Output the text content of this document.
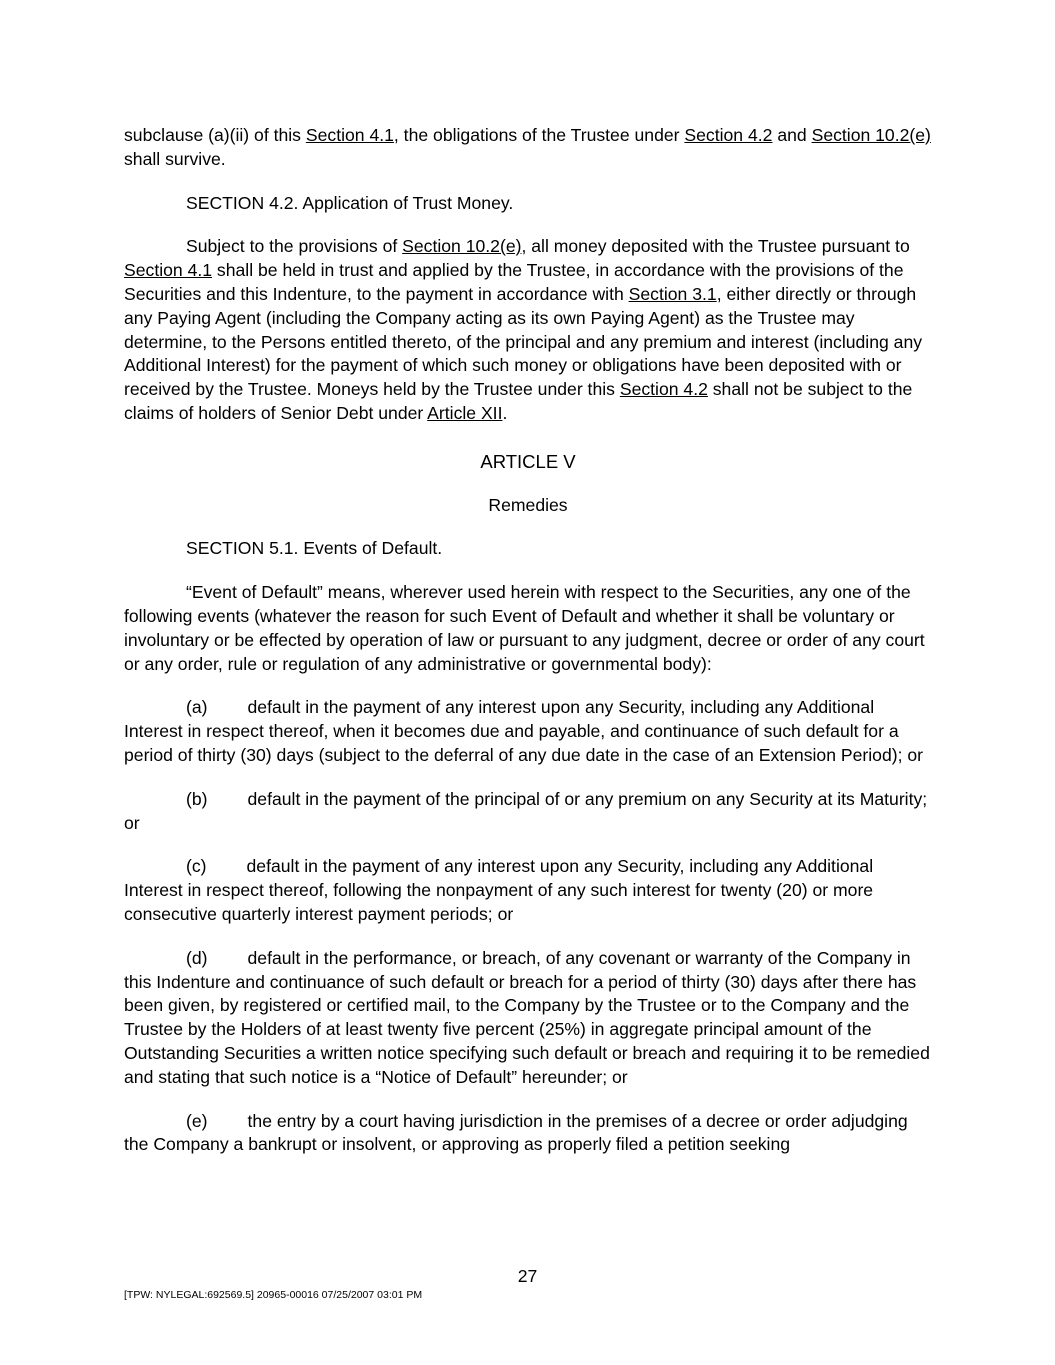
subclause (a)(ii) of this Section 4.1, the obligations of the Trustee under Section 4.2 and Section 10.2(e) shall survive.

SECTION 4.2. Application of Trust Money.

Subject to the provisions of Section 10.2(e), all money deposited with the Trustee pursuant to Section 4.1 shall be held in trust and applied by the Trustee, in accordance with the provisions of the Securities and this Indenture, to the payment in accordance with Section 3.1, either directly or through any Paying Agent (including the Company acting as its own Paying Agent) as the Trustee may determine, to the Persons entitled thereto, of the principal and any premium and interest (including any Additional Interest) for the payment of which such money or obligations have been deposited with or received by the Trustee. Moneys held by the Trustee under this Section 4.2 shall not be subject to the claims of holders of Senior Debt under Article XII.

ARTICLE V

Remedies

SECTION 5.1. Events of Default.

“Event of Default” means, wherever used herein with respect to the Securities, any one of the following events (whatever the reason for such Event of Default and whether it shall be voluntary or involuntary or be effected by operation of law or pursuant to any judgment, decree or order of any court or any order, rule or regulation of any administrative or governmental body):

(a) default in the payment of any interest upon any Security, including any Additional Interest in respect thereof, when it becomes due and payable, and continuance of such default for a period of thirty (30) days (subject to the deferral of any due date in the case of an Extension Period); or

(b) default in the payment of the principal of or any premium on any Security at its Maturity; or

(c) default in the payment of any interest upon any Security, including any Additional Interest in respect thereof, following the nonpayment of any such interest for twenty (20) or more consecutive quarterly interest payment periods; or

(d) default in the performance, or breach, of any covenant or warranty of the Company in this Indenture and continuance of such default or breach for a period of thirty (30) days after there has been given, by registered or certified mail, to the Company by the Trustee or to the Company and the Trustee by the Holders of at least twenty five percent (25%) in aggregate principal amount of the Outstanding Securities a written notice specifying such default or breach and requiring it to be remedied and stating that such notice is a “Notice of Default” hereunder; or

(e) the entry by a court having jurisdiction in the premises of a decree or order adjudging the Company a bankrupt or insolvent, or approving as properly filed a petition seeking

27
[TPW: NYLEGAL:692569.5] 20965-00016 07/25/2007 03:01 PM
